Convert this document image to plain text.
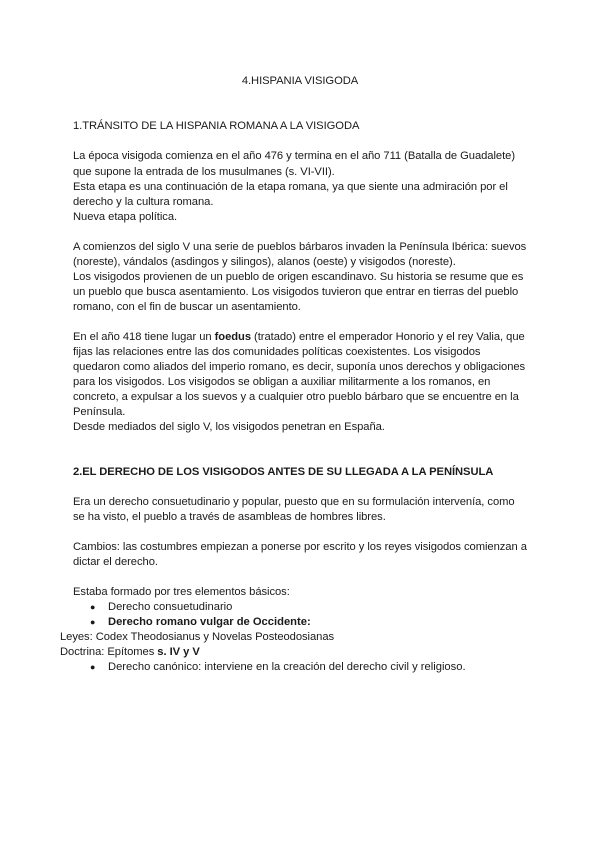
4.HISPANIA VISIGODA
1.TRÁNSITO DE LA HISPANIA ROMANA A LA VISIGODA
La época visigoda comienza en el año 476 y termina en el año 711 (Batalla de Guadalete)
que supone la entrada de los musulmanes (s. VI-VII).
Esta etapa es una continuación de la etapa romana, ya que siente una admiración por el
derecho y la cultura romana.
Nueva etapa política.
A comienzos del siglo V una serie de pueblos bárbaros invaden la Península Ibérica: suevos
(noreste), vándalos (asdingos y silingos), alanos (oeste) y visigodos (noreste).
Los visigodos provienen de un pueblo de origen escandinavo. Su historia se resume que es
un pueblo que busca asentamiento. Los visigodos tuvieron que entrar en tierras del pueblo
romano, con el fin de buscar un asentamiento.
En el año 418 tiene lugar un foedus (tratado) entre el emperador Honorio y el rey Valia, que
fijas las relaciones entre las dos comunidades políticas coexistentes. Los visigodos
quedaron como aliados del imperio romano, es decir, suponía unos derechos y obligaciones
para los visigodos. Los visigodos se obligan a auxiliar militarmente a los romanos, en
concreto, a expulsar a los suevos y a cualquier otro pueblo bárbaro que se encuentre en la
Península.
Desde mediados del siglo V, los visigodos penetran en España.
2.EL DERECHO DE LOS VISIGODOS ANTES DE SU LLEGADA A LA PENÍNSULA
Era un derecho consuetudinario y popular, puesto que en su formulación intervenía, como
se ha visto, el pueblo a través de asambleas de hombres libres.
Cambios: las costumbres empiezan a ponerse por escrito y los reyes visigodos comienzan a
dictar el derecho.
Estaba formado por tres elementos básicos:
● Derecho consuetudinario
● Derecho romano vulgar de Occidente:
Leyes: Codex Theodosianus y Novelas Posteodosianas
Doctrina: Epítomes s. IV y V
● Derecho canónico: interviene en la creación del derecho civil y religioso.
